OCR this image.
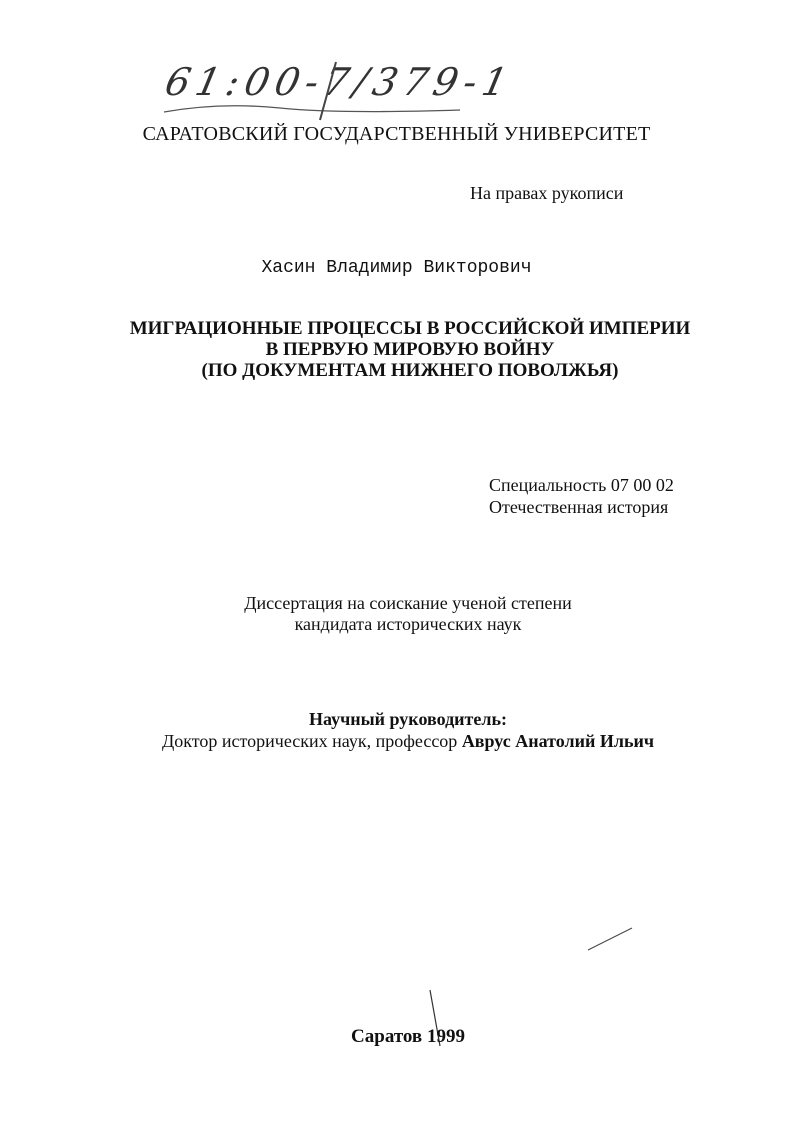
61:00-7/379-1
САРАТОВСКИЙ ГОСУДАРСТВЕННЫЙ УНИВЕРСИТЕТ
На правах рукописи
Хасин Владимир Викторович
МИГРАЦИОННЫЕ ПРОЦЕССЫ В РОССИЙСКОЙ ИМПЕРИИ
В ПЕРВУЮ МИРОВУЮ ВОЙНУ
(ПО ДОКУМЕНТАМ НИЖНЕГО ПОВОЛЖЬЯ)
Специальность 07 00 02
Отечественная история
Диссертация на соискание ученой степени
кандидата исторических наук
Научный руководитель:
Доктор исторических наук, профессор Аврус Анатолий Ильич
Саратов 1999
